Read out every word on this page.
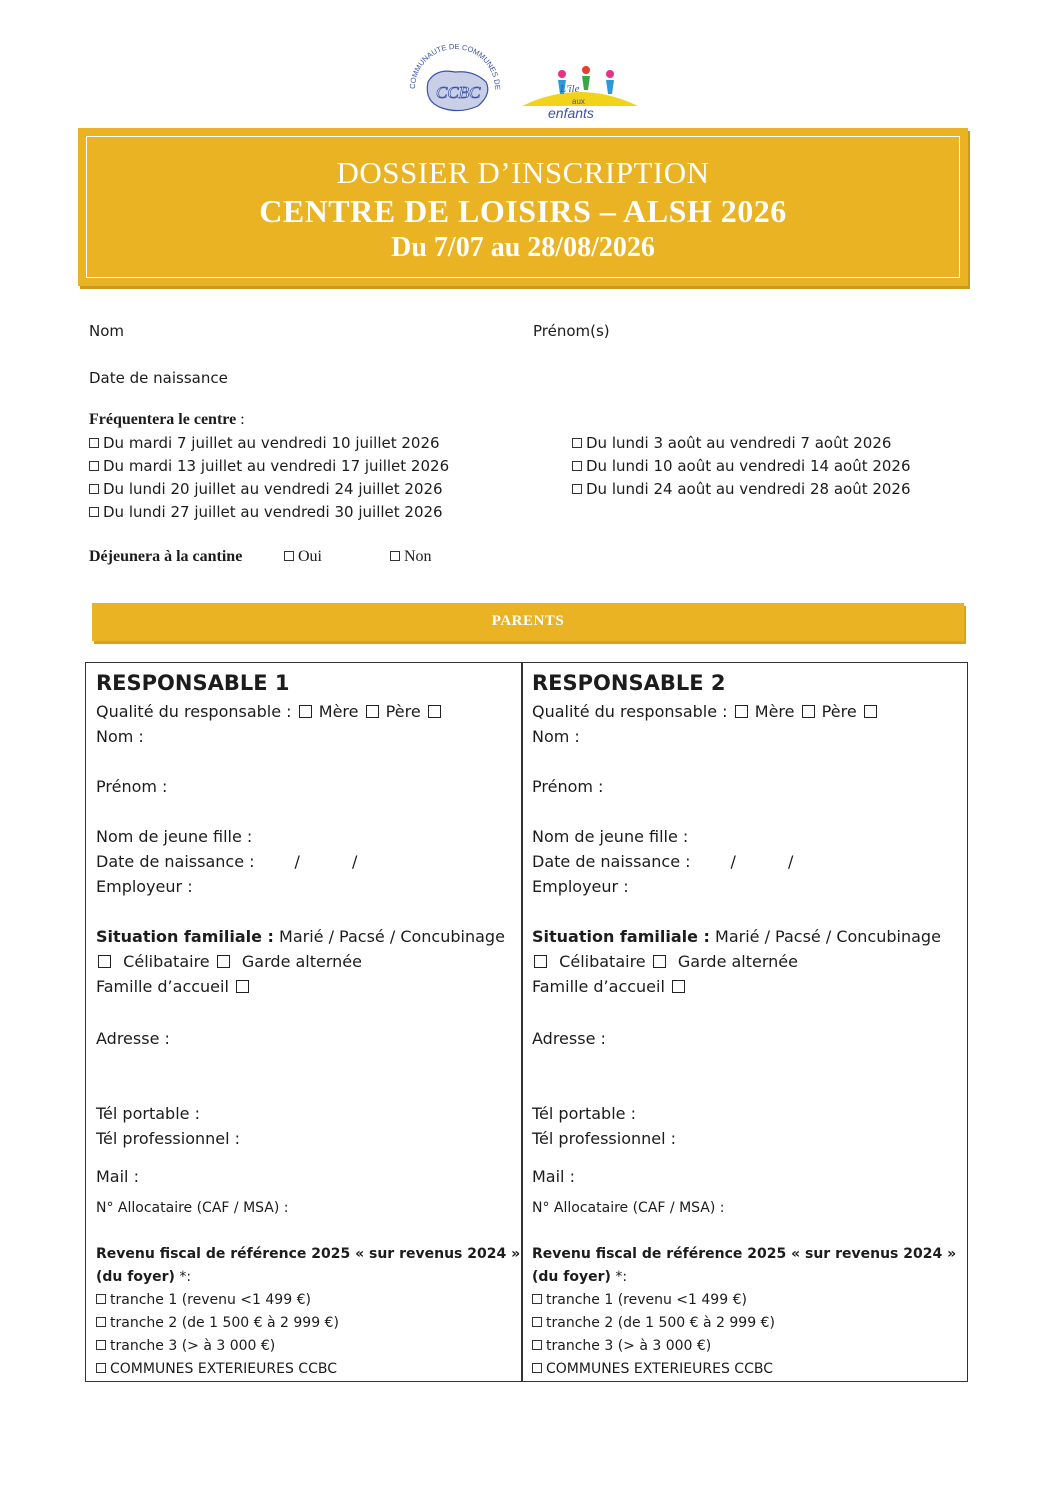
COMMUNAUTE DE COMMUNES DE
CCBC	L'île
aux
enfants
DOSSIER D’INSCRIPTION
CENTRE DE LOISIRS – ALSH 2026
Du 7/07 au 28/08/2026
Nom	Prénom(s)
Date de naissance
Fréquentera le centre :
Du mardi 7 juillet au vendredi 10 juillet 2026
Du mardi 13 juillet au vendredi 17 juillet 2026
Du lundi 20 juillet au vendredi 24 juillet 2026
Du lundi 27 juillet au vendredi 30 juillet 2026
Du lundi 3 août au vendredi 7 août 2026
Du lundi 10 août au vendredi 14 août 2026
Du lundi 24 août au vendredi 28 août 2026
Déjeunera à la cantine	Oui	Non
PARENTS
RESPONSABLE 1
Qualité du responsable : Mère Père
Nom :
Prénom :
Nom de jeune fille :
Date de naissance :	/	/
Employeur :
Situation familiale : Marié / Pacsé / Concubinage
Célibataire Garde alternée
Famille d’accueil
Adresse :
Tél portable :
Tél professionnel :
Mail :
N° Allocataire (CAF / MSA) :
Revenu fiscal de référence 2025 « sur revenus 2024 »
(du foyer) *:
tranche 1 (revenu <1 499 €)
tranche 2 (de 1 500 € à 2 999 €)
tranche 3 (> à 3 000 €)
COMMUNES EXTERIEURES CCBC
RESPONSABLE 2
Qualité du responsable : Mère Père
Nom :
Prénom :
Nom de jeune fille :
Date de naissance :	/	/
Employeur :
Situation familiale : Marié / Pacsé / Concubinage
Célibataire Garde alternée
Famille d’accueil
Adresse :
Tél portable :
Tél professionnel :
Mail :
N° Allocataire (CAF / MSA) :
Revenu fiscal de référence 2025 « sur revenus 2024 »
(du foyer) *:
tranche 1 (revenu <1 499 €)
tranche 2 (de 1 500 € à 2 999 €)
tranche 3 (> à 3 000 €)
COMMUNES EXTERIEURES CCBC
